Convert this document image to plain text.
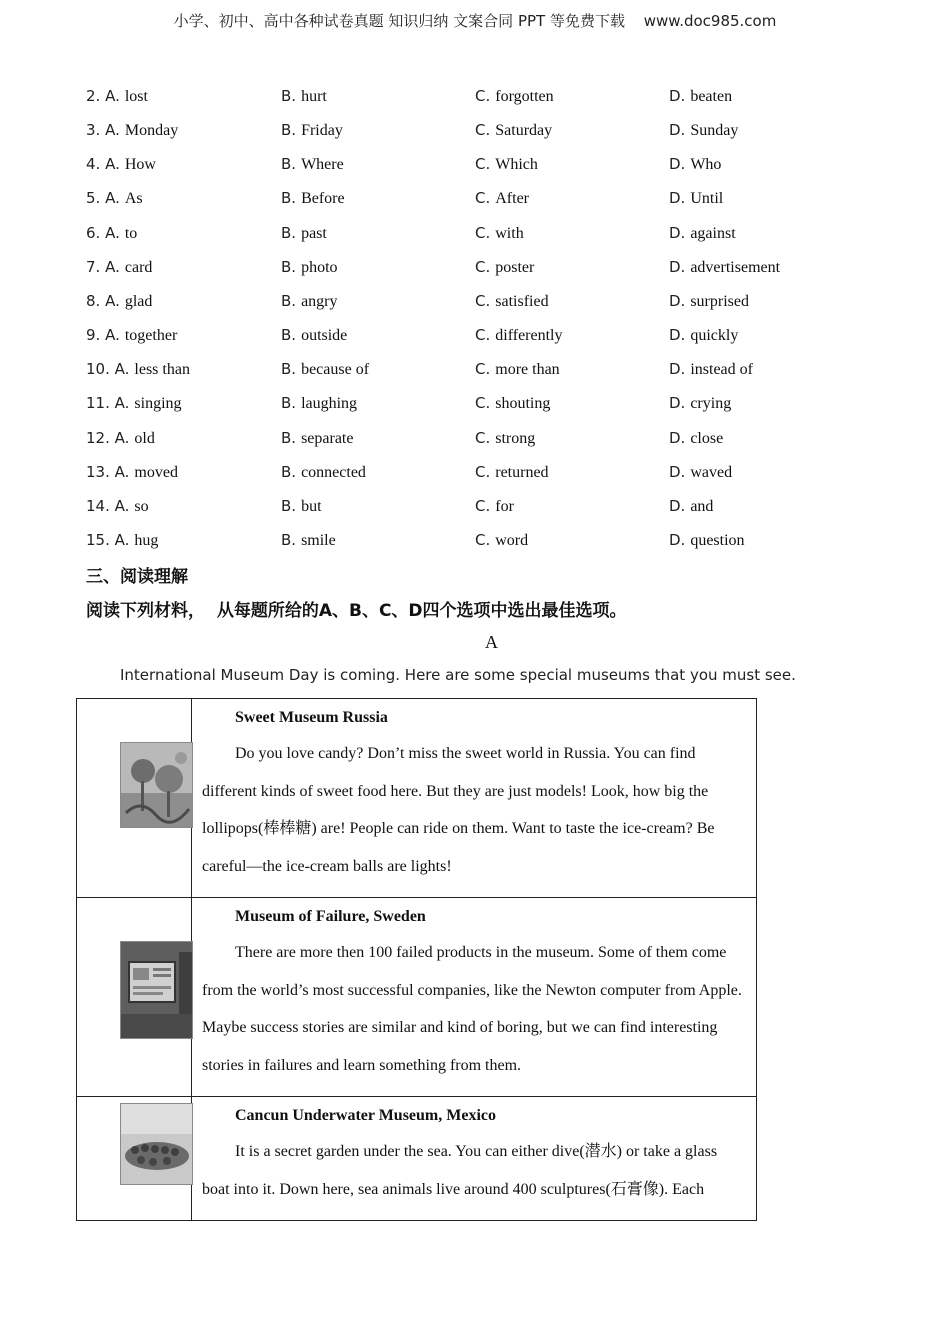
小学、初中、高中各种试卷真题 知识归纳 文案合同 PPT 等免费下载 www.doc985.com
2. A. lost	B. hurt	C. forgotten	D. beaten
3. A. Monday	B. Friday	C. Saturday	D. Sunday
4. A. How	B. Where	C. Which	D. Who
5. A. As	B. Before	C. After	D. Until
6. A. to	B. past	C. with	D. against
7. A. card	B. photo	C. poster	D. advertisement
8. A. glad	B. angry	C. satisfied	D. surprised
9. A. together	B. outside	C. differently	D. quickly
10. A. less than	B. because of	C. more than	D. instead of
11. A. singing	B. laughing	C. shouting	D. crying
12. A. old	B. separate	C. strong	D. close
13. A. moved	B. connected	C. returned	D. waved
14. A. so	B. but	C. for	D. and
15. A. hug	B. smile	C. word	D. question
三、阅读理解
阅读下列材料，  从每题所给的A、B、C、D四个选项中选出最佳选项。
A
International Museum Day is coming. Here are some special museums that you must see.

Sweet Museum Russia

Do you love candy? Don’t miss the sweet world in Russia. You can find different kinds of sweet food here. But they are just models! Look, how big the lollipops(棒棒糖) are! People can ride on them. Want to taste the ice-cream? Be careful—the ice-cream balls are lights!

Museum of Failure, Sweden

There are more then 100 failed products in the museum. Some of them come from the world’s most successful companies, like the Newton computer from Apple. Maybe success stories are similar and kind of boring, but we can find interesting stories in failures and learn something from them.

Cancun Underwater Museum, Mexico

It is a secret garden under the sea. You can either dive(潜水) or take a glass boat into it. Down here, sea animals live around 400 sculptures(石膏像). Each
